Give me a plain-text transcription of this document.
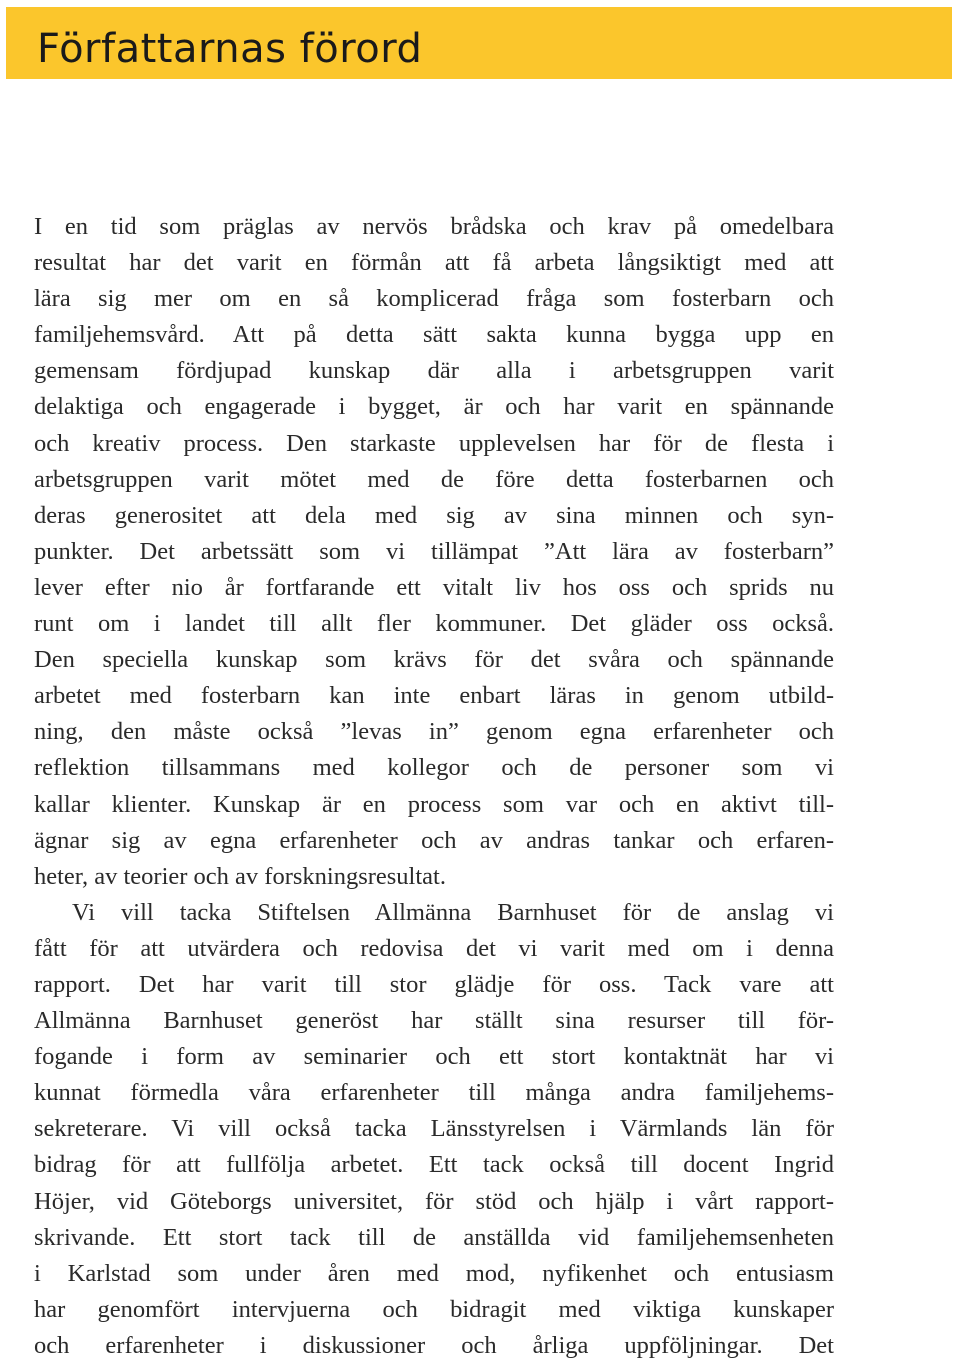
Författarnas förord
I en tid som präglas av nervös brådska och krav på omedelbara
resultat har det varit en förmån att få arbeta långsiktigt med att
lära sig mer om en så komplicerad fråga som fosterbarn och
familjehemsvård. Att på detta sätt sakta kunna bygga upp en
gemensam fördjupad kunskap där alla i arbetsgruppen varit
delaktiga och engagerade i bygget, är och har varit en spännande
och kreativ process. Den starkaste upplevelsen har för de flesta i
arbetsgruppen varit mötet med de före detta fosterbarnen och
deras generositet att dela med sig av sina minnen och syn-
punkter. Det arbetssätt som vi tillämpat ”Att lära av fosterbarn”
lever efter nio år fortfarande ett vitalt liv hos oss och sprids nu
runt om i landet till allt fler kommuner. Det gläder oss också.
Den speciella kunskap som krävs för det svåra och spännande
arbetet med fosterbarn kan inte enbart läras in genom utbild-
ning, den måste också ”levas in” genom egna erfarenheter och
reflektion tillsammans med kollegor och de personer som vi
kallar klienter. Kunskap är en process som var och en aktivt till-
ägnar sig av egna erfarenheter och av andras tankar och erfaren-
heter, av teorier och av forskningsresultat.
Vi vill tacka Stiftelsen Allmänna Barnhuset för de anslag vi
fått för att utvärdera och redovisa det vi varit med om i denna
rapport. Det har varit till stor glädje för oss. Tack vare att
Allmänna Barnhuset generöst har ställt sina resurser till för-
fogande i form av seminarier och ett stort kontaktnät har vi
kunnat förmedla våra erfarenheter till många andra familjehems-
sekreterare. Vi vill också tacka Länsstyrelsen i Värmlands län för
bidrag för att fullfölja arbetet. Ett tack också till docent Ingrid
Höjer, vid Göteborgs universitet, för stöd och hjälp i vårt rapport-
skrivande. Ett stort tack till de anställda vid familjehemsenheten
i Karlstad som under åren med mod, nyfikenhet och entusiasm
har genomfört intervjuerna och bidragit med viktiga kunskaper
och erfarenheter i diskussioner och årliga uppföljningar. Det
